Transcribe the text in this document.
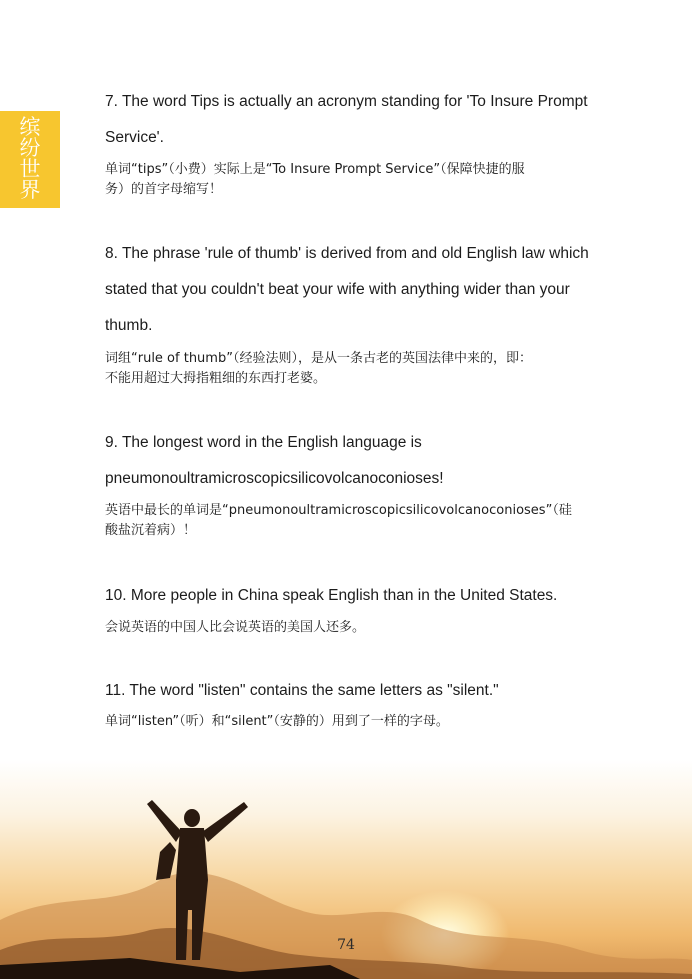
缤纷世界

7. The word Tips is actually an acronym standing for 'To Insure Prompt

Service'.

单词“tips”（小费）实际上是“To Insure Prompt Service”（保障快捷的服

务）的首字母缩写！

8. The phrase 'rule of thumb' is derived from and old English law which

stated that you couldn't beat your wife with anything wider than your

thumb.

词组“rule of thumb”（经验法则），是从一条古老的英国法律中来的，即：

不能用超过大拇指粗细的东西打老婆。

9. The longest word in the English language is

pneumonoultramicroscopicsilicovolcanoconioses!

英语中最长的单词是“pneumonoultramicroscopicsilicovolcanoconioses”（硅

酸盐沉着病）！

10. More people in China speak English than in the United States.

会说英语的中国人比会说英语的美国人还多。

11. The word "listen" contains the same letters as "silent."

单词“listen”（听）和“silent”（安静的）用到了一样的字母。

74
